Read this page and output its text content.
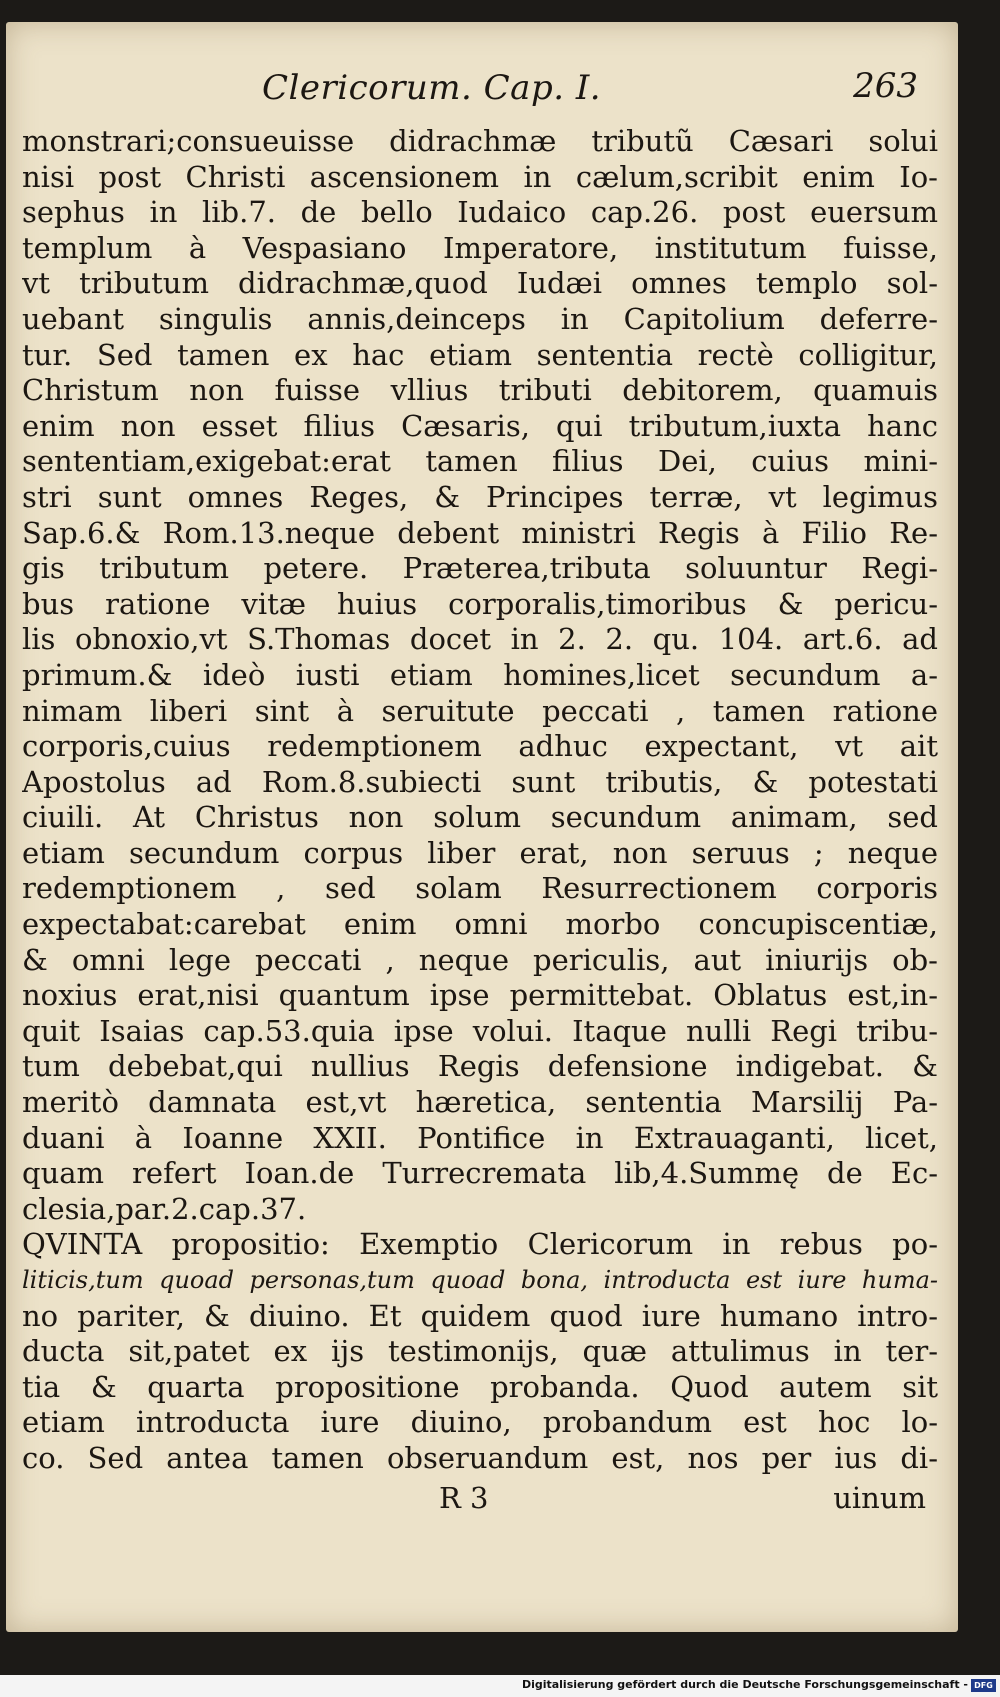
Clericorum. Cap. I.	263
monstrari;consueuisse didrachmæ tributũ Cæsari solui
nisi post Christi ascensionem in cælum,scribit enim Io-
sephus in lib.7. de bello Iudaico cap.26. post euersum
templum à Vespasiano Imperatore, institutum fuisse,
vt tributum didrachmæ,quod Iudæi omnes templo sol-
uebant singulis annis,deinceps in Capitolium deferre-
tur. Sed tamen ex hac etiam sententia rectè colligitur,
Christum non fuisse vllius tributi debitorem, quamuis
enim non esset filius Cæsaris, qui tributum,iuxta hanc
sententiam,exigebat:erat tamen filius Dei, cuius mini-
stri sunt omnes Reges, & Principes terræ, vt legimus
Sap.6.& Rom.13.neque debent ministri Regis à Filio Re-
gis tributum petere. Præterea,tributa soluuntur Regi-
bus ratione vitæ huius corporalis,timoribus & pericu-
lis obnoxio,vt S.Thomas docet in 2. 2. qu. 104. art.6. ad
primum.& ideò iusti etiam homines,licet secundum a-
nimam liberi sint à seruitute peccati , tamen ratione
corporis,cuius redemptionem adhuc expectant, vt ait
Apostolus ad Rom.8.subiecti sunt tributis, & potestati
ciuili. At Christus non solum secundum animam, sed
etiam secundum corpus liber erat, non seruus ; neque
redemptionem , sed solam Resurrectionem corporis
expectabat:carebat enim omni morbo concupiscentiæ,
& omni lege peccati , neque periculis, aut iniurijs ob-
noxius erat,nisi quantum ipse permittebat. Oblatus est,in-
quit Isaias cap.53.quia ipse volui. Itaque nulli Regi tribu-
tum debebat,qui nullius Regis defensione indigebat. &
meritò damnata est,vt hæretica, sententia Marsilij Pa-
duani à Ioanne XXII. Pontifice in Extrauaganti, licet,
quam refert Ioan.de Turrecremata lib,4.Summę de Ec-
clesia,par.2.cap.37.
QVINTA propositio: Exemptio Clericorum in rebus po-
liticis,tum quoad personas,tum quoad bona, introducta est iure huma-
no pariter, & diuino. Et quidem quod iure humano intro-
ducta sit,patet ex ijs testimonijs, quæ attulimus in ter-
tia & quarta propositione probanda. Quod autem sit
etiam introducta iure diuino, probandum est hoc lo-
co. Sed antea tamen obseruandum est, nos per ius di-
R 3	uinum
Digitalisierung gefördert durch die Deutsche Forschungsgemeinschaft - DFG
